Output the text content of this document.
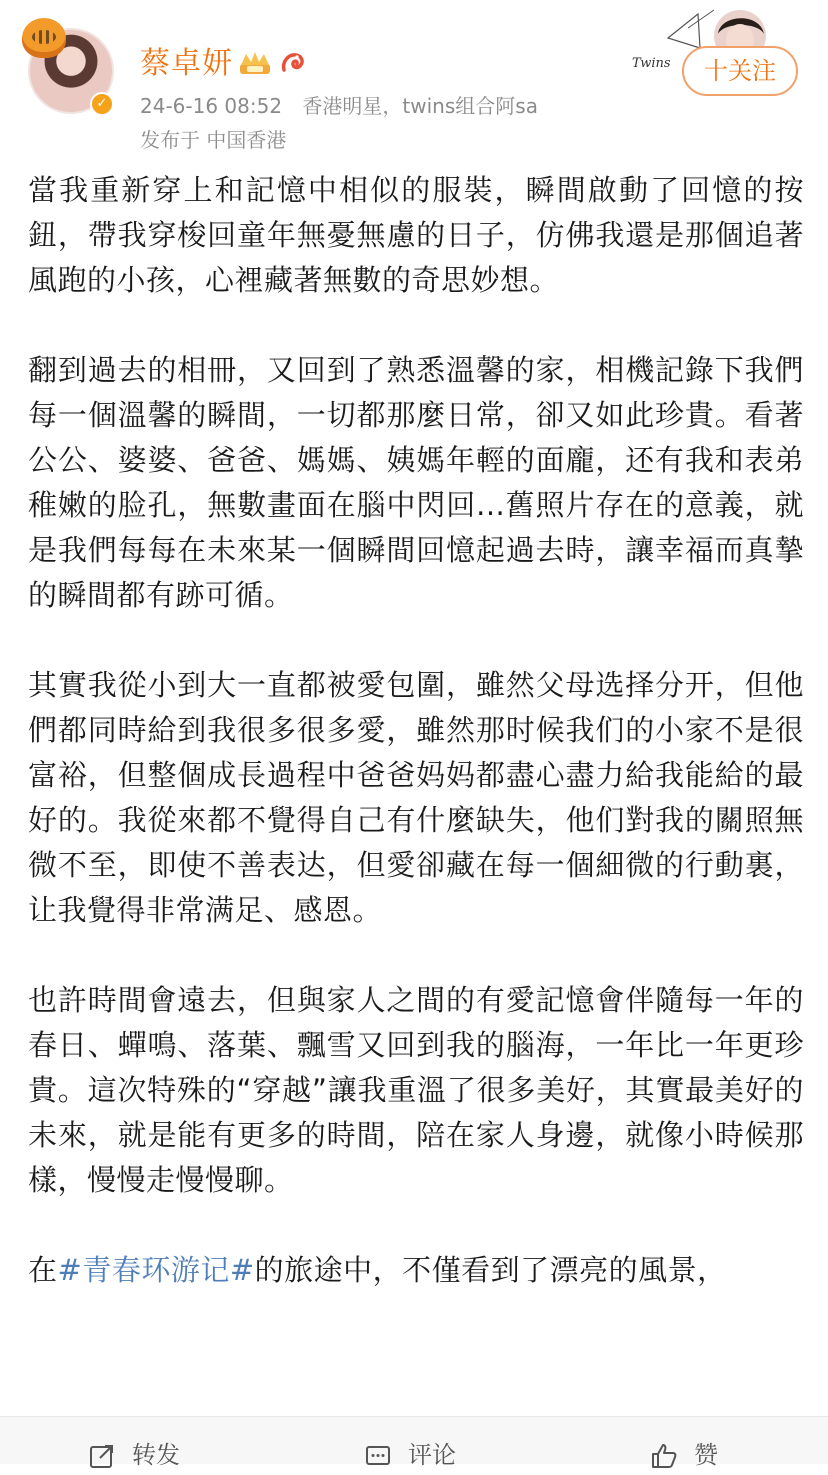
✓
蔡卓妍
24-6-16 08:52 香港明星，twins组合阿sa
发布于 中国香港
Twins	十关注

當我重新穿上和記憶中相似的服裝，瞬間啟動了回憶的按鈕，帶我穿梭回童年無憂無慮的日子，仿佛我還是那個追著風跑的小孩，心裡藏著無數的奇思妙想。

翻到過去的相冊，又回到了熟悉溫馨的家，相機記錄下我們每一個溫馨的瞬間，一切都那麼日常，卻又如此珍貴。看著公公、婆婆、爸爸、媽媽、姨媽年輕的面龐，还有我和表弟稚嫩的脸孔，無數畫面在腦中閃回...舊照片存在的意義，就是我們每每在未來某一個瞬間回憶起過去時，讓幸福而真摯的瞬間都有跡可循。

其實我從小到大一直都被愛包圍，雖然父母选择分开，但他們都同時給到我很多很多愛，雖然那时候我们的小家不是很富裕，但整個成長過程中爸爸妈妈都盡心盡力給我能給的最好的。我從來都不覺得自己有什麼缺失，他们對我的關照無微不至，即使不善表达，但愛卻藏在每一個細微的行動裏，让我覺得非常满足、感恩。

也許時間會遠去，但與家人之間的有愛記憶會伴隨每一年的春日、蟬鳴、落葉、飄雪又回到我的腦海，一年比一年更珍貴。這次特殊的“穿越”讓我重溫了很多美好，其實最美好的未來，就是能有更多的時間，陪在家人身邊，就像小時候那樣，慢慢走慢慢聊。

在#青春环游记#的旅途中，不僅看到了漂亮的風景，

转发	评论	赞
